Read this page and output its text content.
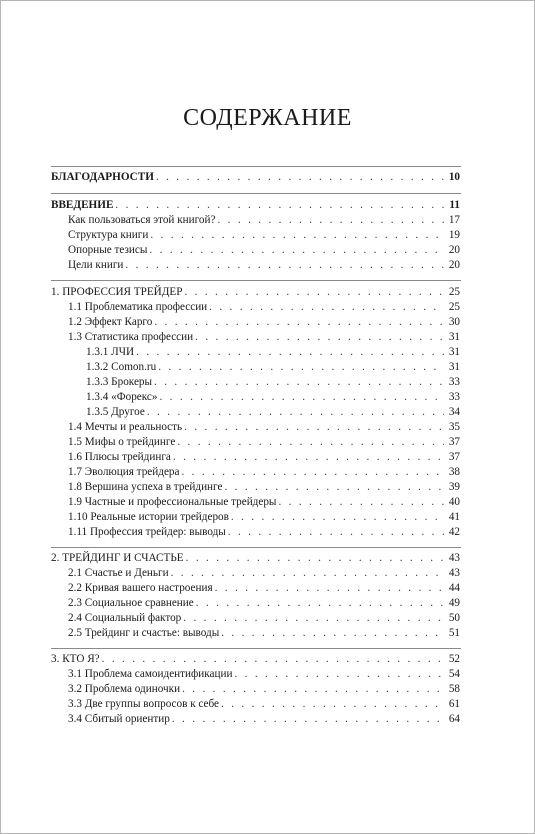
СОДЕРЖАНИЕ
БЛАГОДАРНОСТИ . . .	10
ВВЕДЕНИЕ . . .	11
Как пользоваться этой книгой? . . .	17
Структура книги . . .	19
Опорные тезисы . . .	20
Цели книги . . .	20
1. ПРОФЕССИЯ ТРЕЙДЕР . . .	25
1.1 Проблематика профессии . . .	25
1.2 Эффект Карго . . .	30
1.3 Статистика профессии . . .	31
1.3.1 ЛЧИ . . .	31
1.3.2 Comon.ru . . .	31
1.3.3 Брокеры . . .	33
1.3.4 «Форекс» . . .	33
1.3.5 Другое . . .	34
1.4 Мечты и реальность . . .	35
1.5 Мифы о трейдинге . . .	37
1.6 Плюсы трейдинга . . .	37
1.7 Эволюция трейдера . . .	38
1.8 Вершина успеха в трейдинге . . .	39
1.9 Частные и профессиональные трейдеры . . .	40
1.10 Реальные истории трейдеров . . .	41
1.11 Профессия трейдер: выводы . . .	42
2. ТРЕЙДИНГ И СЧАСТЬЕ . . .	43
2.1 Счастье и Деньги . . .	43
2.2 Кривая вашего настроения . . .	44
2.3 Социальное сравнение . . .	49
2.4 Социальный фактор . . .	50
2.5 Трейдинг и счастье: выводы . . .	51
3. КТО Я? . . .	52
3.1 Проблема самоидентификации . . .	54
3.2 Проблема одиночки . . .	58
3.3 Две группы вопросов к себе . . .	61
3.4 Сбитый ориентир . . .	64
